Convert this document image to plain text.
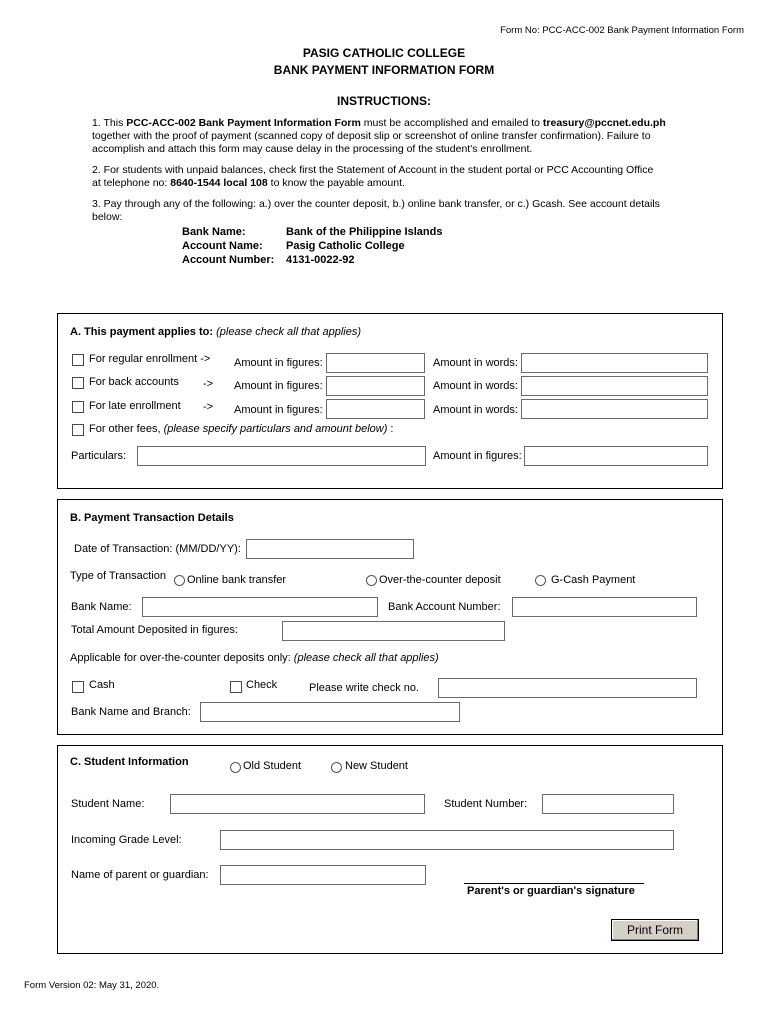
Form No: PCC-ACC-002 Bank Payment Information Form
PASIG CATHOLIC COLLEGE
BANK PAYMENT INFORMATION FORM
INSTRUCTIONS:
1. This PCC-ACC-002 Bank Payment Information Form must be accomplished and emailed to treasury@pccnet.edu.ph
together with the proof of payment (scanned copy of deposit slip or screenshot of online transfer confirmation). Failure to
accomplish and attach this form may cause delay in the processing of the student's enrollment.
2. For students with unpaid balances, check first the Statement of Account in the student portal or PCC Accounting Office
at telephone no: 8640-1544 local 108 to know the payable amount.
3. Pay through any of the following: a.) over the counter deposit, b.) online bank transfer, or c.) Gcash. See account details
below:
Bank Name:	Bank of the Philippine Islands
Account Name: Pasig Catholic College
Account Number: 4131-0022-92
A. This payment applies to: (please check all that applies)
For regular enrollment -> Amount in figures:	Amount in words:
For back accounts -> Amount in figures:	Amount in words:
For late enrollment -> Amount in figures:	Amount in words:
For other fees, (please specify particulars and amount below) :
Particulars:	Amount in figures:
B. Payment Transaction Details
Date of Transaction: (MM/DD/YY):
Type of Transaction Online bank transfer	Over-the-counter deposit	G-Cash Payment
Bank Name:	Bank Account Number:
Total Amount Deposited in figures:
Applicable for over-the-counter deposits only: (please check all that applies)
Cash	Check	Please write check no.
Bank Name and Branch:
C. Student Information	Old Student	New Student
Student Name:	Student Number:
Incoming Grade Level:
Name of parent or guardian:
Parent's or guardian's signature
Print Form
Form Version 02: May 31, 2020.
